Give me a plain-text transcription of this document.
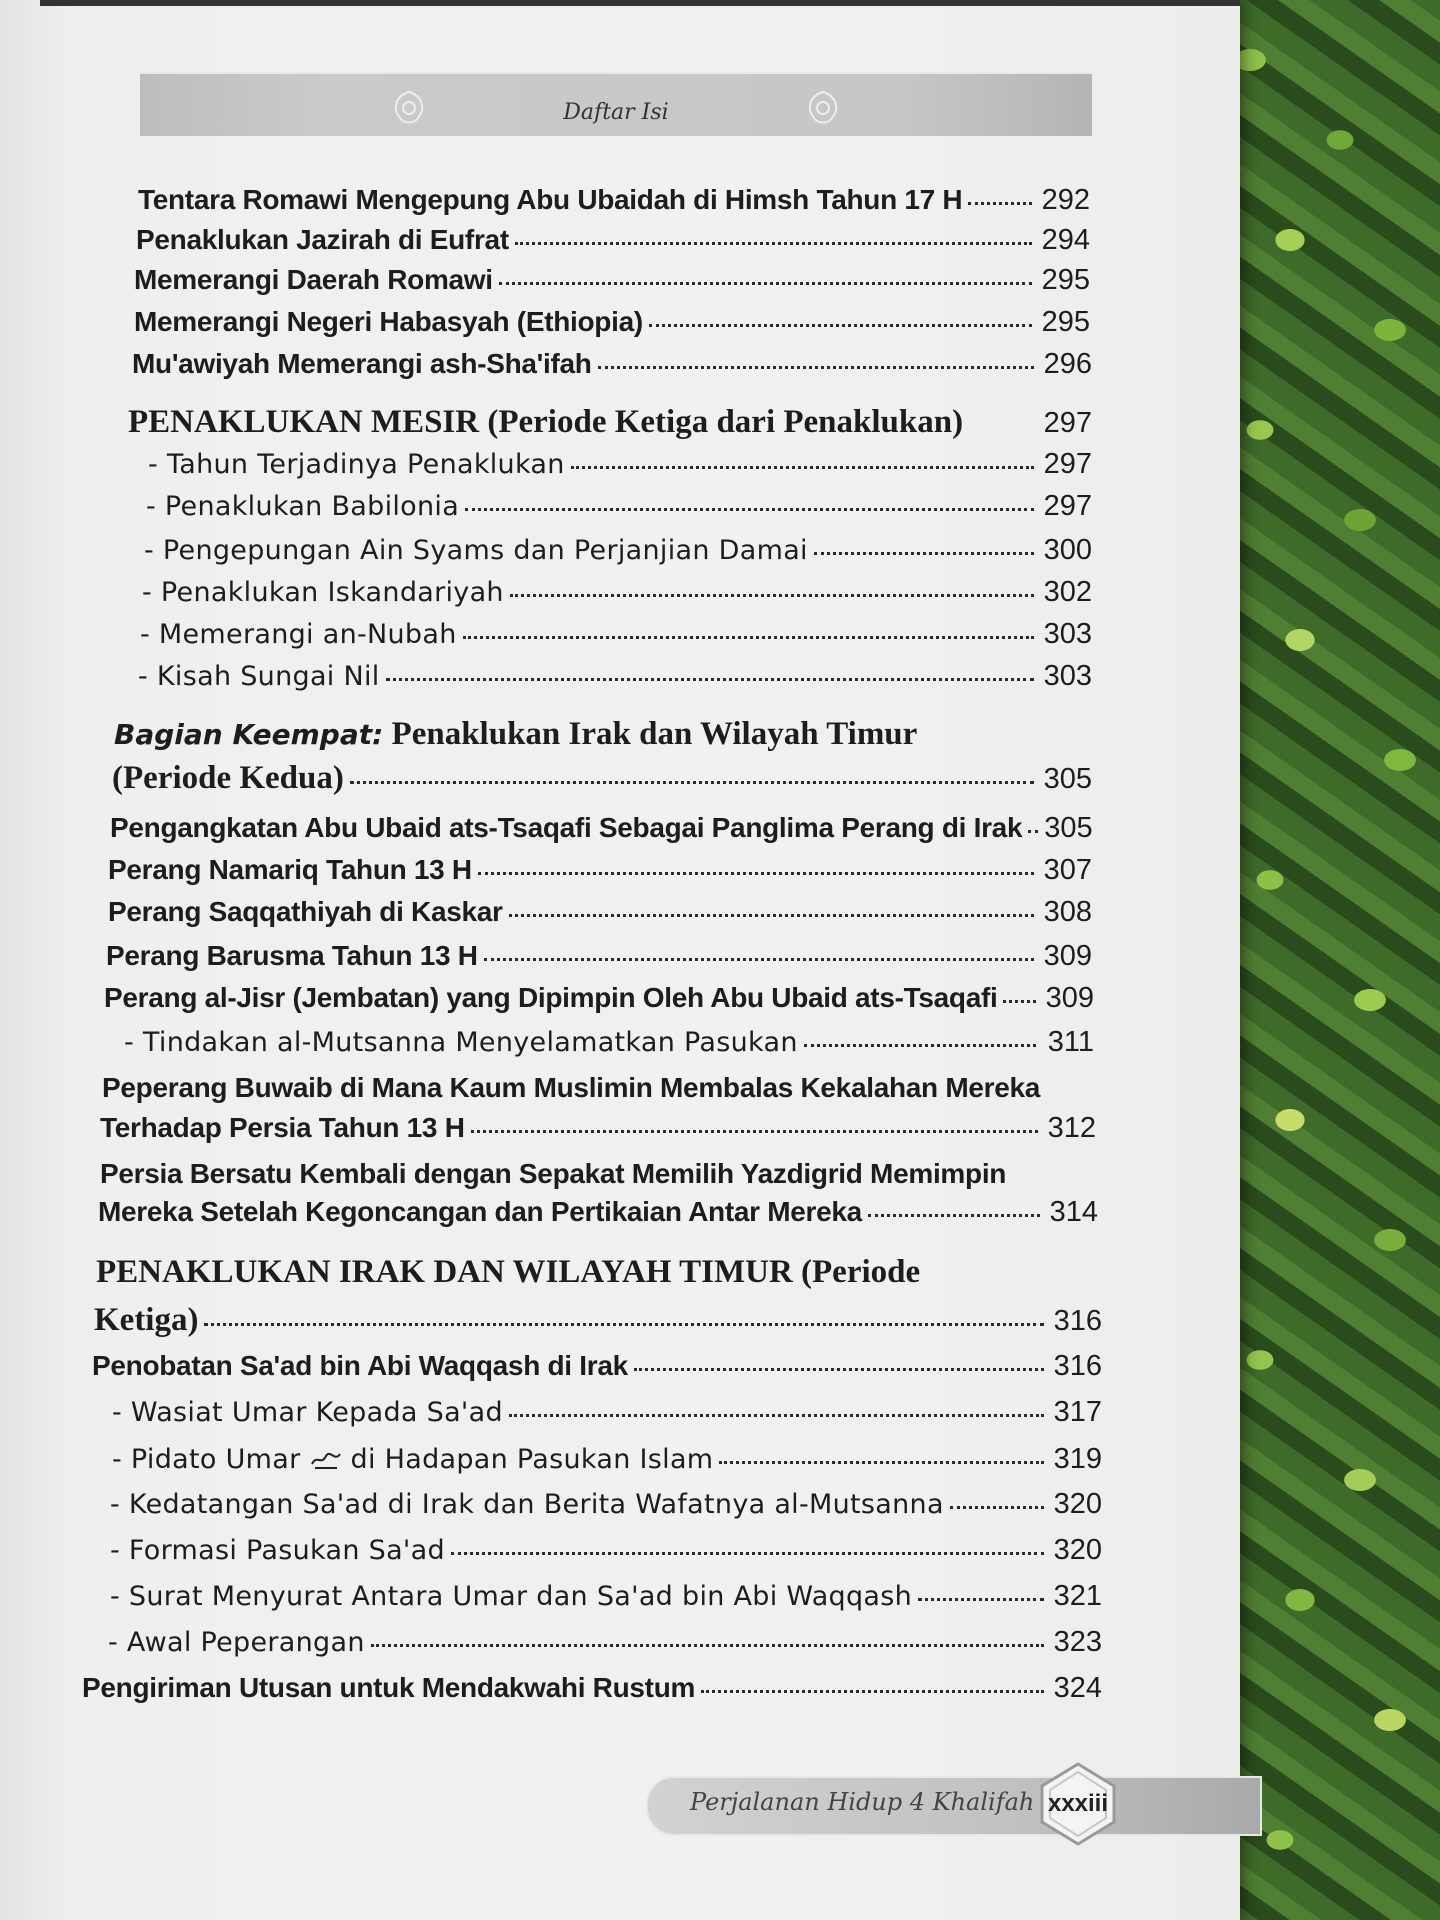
Daftar Isi
Tentara Romawi Mengepung Abu Ubaidah di Himsh Tahun 17 H	292
Penaklukan Jazirah di Eufrat	294
Memerangi Daerah Romawi	295
Memerangi Negeri Habasyah (Ethiopia)	295
Mu'awiyah Memerangi ash-Sha'ifah	296
PENAKLUKAN MESIR (Periode Ketiga dari Penaklukan)	297
- Tahun Terjadinya Penaklukan	297
- Penaklukan Babilonia	297
- Pengepungan Ain Syams dan Perjanjian Damai	300
- Penaklukan Iskandariyah	302
- Memerangi an-Nubah	303
- Kisah Sungai Nil	303
Bagian Keempat: Penaklukan Irak dan Wilayah Timur
(Periode Kedua)	305
Pengangkatan Abu Ubaid ats-Tsaqafi Sebagai Panglima Perang di Irak 305
Perang Namariq Tahun 13 H	307
Perang Saqqathiyah di Kaskar	308
Perang Barusma Tahun 13 H	309
Perang al-Jisr (Jembatan) yang Dipimpin Oleh Abu Ubaid ats-Tsaqafi 309
- Tindakan al-Mutsanna Menyelamatkan Pasukan	311
Peperang Buwaib di Mana Kaum Muslimin Membalas Kekalahan Mereka
Terhadap Persia Tahun 13 H	312
Persia Bersatu Kembali dengan Sepakat Memilih Yazdigrid Memimpin
Mereka Setelah Kegoncangan dan Pertikaian Antar Mereka	314
PENAKLUKAN IRAK DAN WILAYAH TIMUR (Periode
Ketiga)	316
Penobatan Sa'ad bin Abi Waqqash di Irak	316
- Wasiat Umar Kepada Sa'ad	317
- Pidato Umar di Hadapan Pasukan Islam	319
- Kedatangan Sa'ad di Irak dan Berita Wafatnya al-Mutsanna	320
- Formasi Pasukan Sa'ad	320
- Surat Menyurat Antara Umar dan Sa'ad bin Abi Waqqash	321
- Awal Peperangan	323
Pengiriman Utusan untuk Mendakwahi Rustum	324
Perjalanan Hidup 4 Khalifah xxxiii
